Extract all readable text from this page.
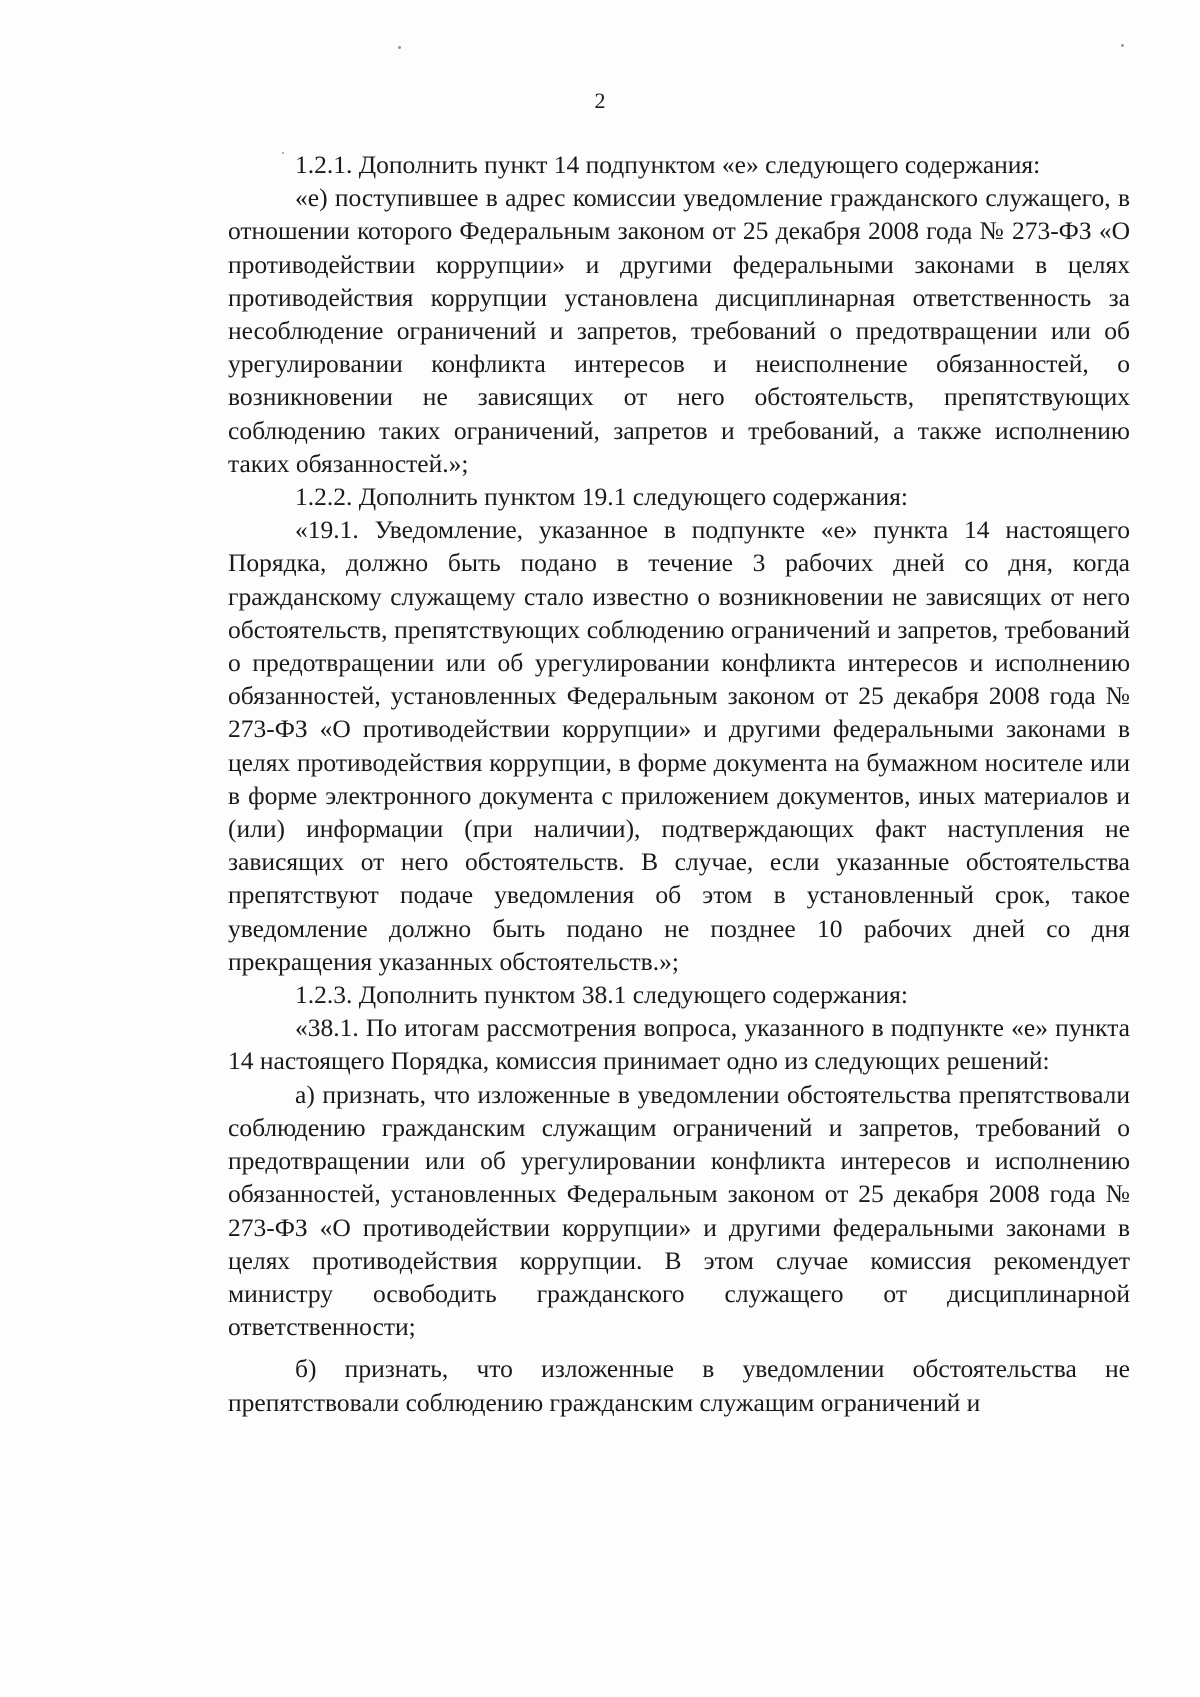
2

1.2.1. Дополнить пункт 14 подпунктом «е» следующего содержания:

«е) поступившее в адрес комиссии уведомление гражданского служащего, в отношении которого Федеральным законом от 25 декабря 2008 года № 273-ФЗ «О противодействии коррупции» и другими федеральными законами в целях противодействия коррупции установлена дисциплинарная ответственность за несоблюдение ограничений и запретов, требований о предотвращении или об урегулировании конфликта интересов и неисполнение обязанностей, о возникновении не зависящих от него обстоятельств, препятствующих соблюдению таких ограничений, запретов и требований, а также исполнению таких обязанностей.»;

1.2.2. Дополнить пунктом 19.1 следующего содержания:

«19.1. Уведомление, указанное в подпункте «е» пункта 14 настоящего Порядка, должно быть подано в течение 3 рабочих дней со дня, когда гражданскому служащему стало известно о возникновении не зависящих от него обстоятельств, препятствующих соблюдению ограничений и запретов, требований о предотвращении или об урегулировании конфликта интересов и исполнению обязанностей, установленных Федеральным законом от 25 декабря 2008 года № 273-ФЗ «О противодействии коррупции» и другими федеральными законами в целях противодействия коррупции, в форме документа на бумажном носителе или в форме электронного документа с приложением документов, иных материалов и (или) информации (при наличии), подтверждающих факт наступления не зависящих от него обстоятельств. В случае, если указанные обстоятельства препятствуют подаче уведомления об этом в установленный срок, такое уведомление должно быть подано не позднее 10 рабочих дней со дня прекращения указанных обстоятельств.»;

1.2.3. Дополнить пунктом 38.1 следующего содержания:

«38.1. По итогам рассмотрения вопроса, указанного в подпункте «е» пункта 14 настоящего Порядка, комиссия принимает одно из следующих решений:

а) признать, что изложенные в уведомлении обстоятельства препятствовали соблюдению гражданским служащим ограничений и запретов, требований о предотвращении или об урегулировании конфликта интересов и исполнению обязанностей, установленных Федеральным законом от 25 декабря 2008 года № 273-ФЗ «О противодействии коррупции» и другими федеральными законами в целях противодействия коррупции. В этом случае комиссия рекомендует министру освободить гражданского служащего от дисциплинарной ответственности;

б) признать, что изложенные в уведомлении обстоятельства не препятствовали соблюдению гражданским служащим ограничений и
